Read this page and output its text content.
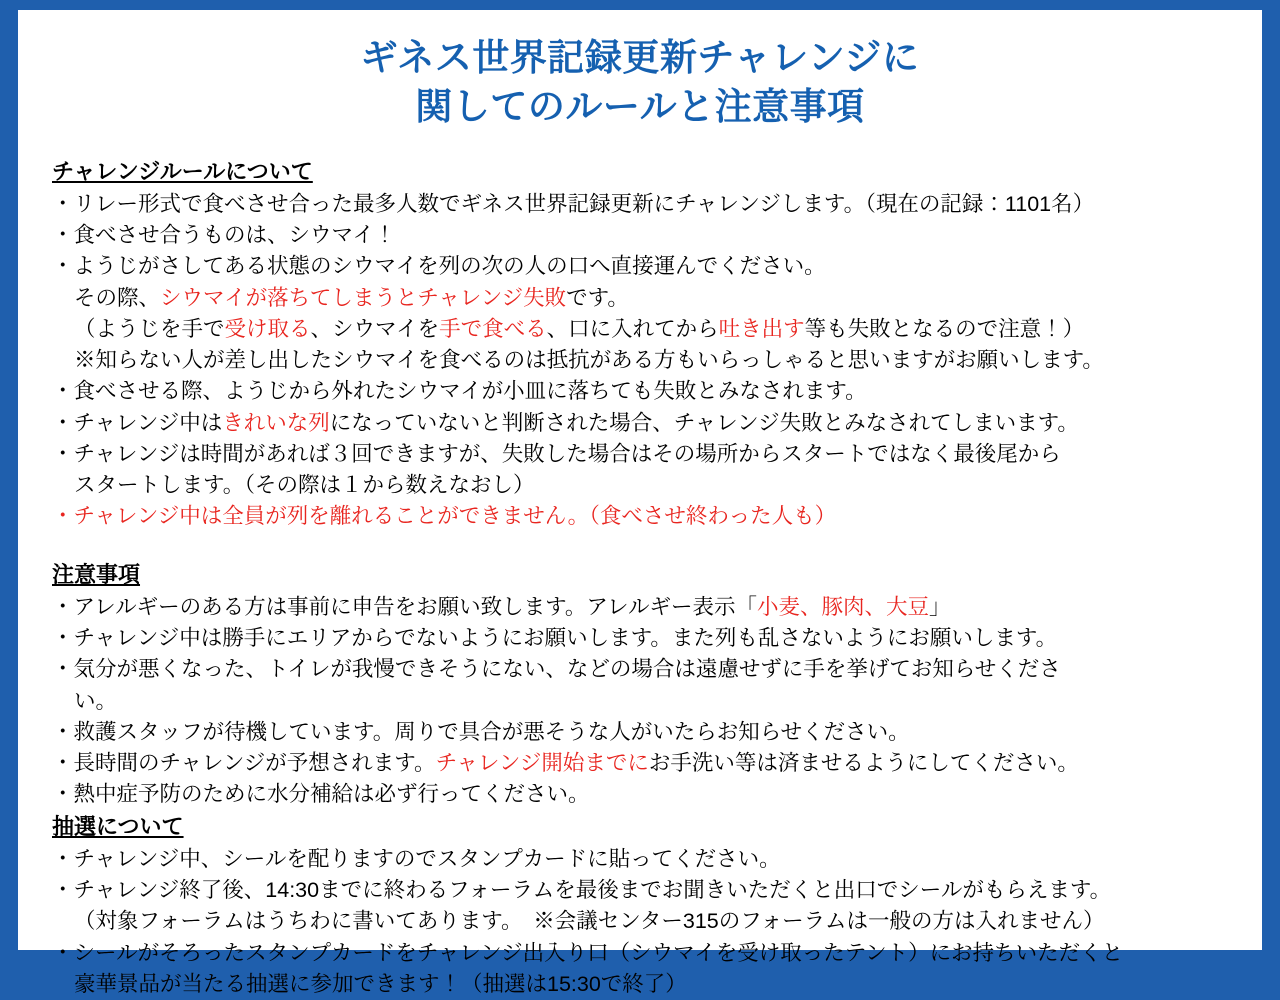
ギネス世界記録更新チャレンジに
関してのルールと注意事項
チャレンジルールについて
・リレー形式で食べさせ合った最多人数でギネス世界記録更新にチャレンジします。（現在の記録：1101名）
・食べさせ合うものは、シウマイ！
・ようじがさしてある状態のシウマイを列の次の人の口へ直接運んでください。
その際、シウマイが落ちてしまうとチャレンジ失敗です。
（ようじを手で受け取る、シウマイを手で食べる、口に入れてから吐き出す等も失敗となるので注意！）
※知らない人が差し出したシウマイを食べるのは抵抗がある方もいらっしゃると思いますがお願いします。
・食べさせる際、ようじから外れたシウマイが小皿に落ちても失敗とみなされます。
・チャレンジ中はきれいな列になっていないと判断された場合、チャレンジ失敗とみなされてしまいます。
・チャレンジは時間があれば３回できますが、失敗した場合はその場所からスタートではなく最後尾から
スタートします。（その際は１から数えなおし）
・チャレンジ中は全員が列を離れることができません。（食べさせ終わった人も）
注意事項
・アレルギーのある方は事前に申告をお願い致します。アレルギー表示「小麦、豚肉、大豆」
・チャレンジ中は勝手にエリアからでないようにお願いします。また列も乱さないようにお願いします。
・気分が悪くなった、トイレが我慢できそうにない、などの場合は遠慮せずに手を挙げてお知らせくださ
い。
・救護スタッフが待機しています。周りで具合が悪そうな人がいたらお知らせください。
・長時間のチャレンジが予想されます。チャレンジ開始までにお手洗い等は済ませるようにしてください。
・熱中症予防のために水分補給は必ず行ってください。
抽選について
・チャレンジ中、シールを配りますのでスタンプカードに貼ってください。
・チャレンジ終了後、14:30までに終わるフォーラムを最後までお聞きいただくと出口でシールがもらえます。
（対象フォーラムはうちわに書いてあります。　※会議センター315のフォーラムは一般の方は入れません）
・シールがそろったスタンプカードをチャレンジ出入り口（シウマイを受け取ったテント）にお持ちいただくと
豪華景品が当たる抽選に参加できます！（抽選は15:30で終了）
